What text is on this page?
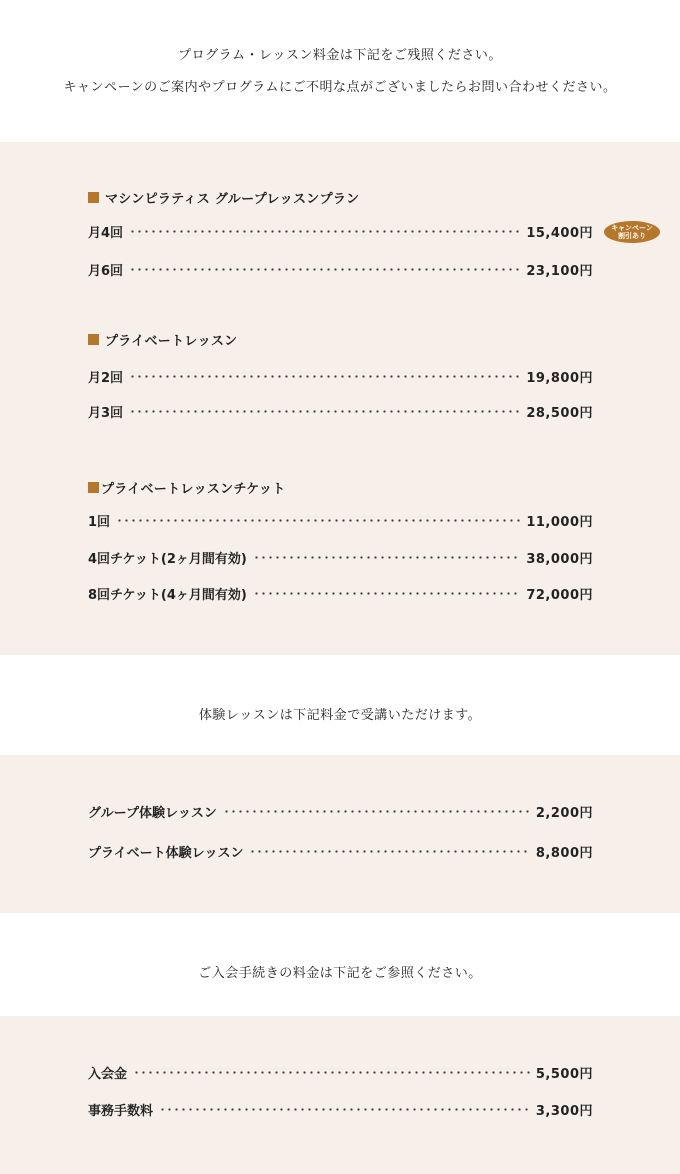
プログラム・レッスン料金は下記をご残照ください。

キャンペーンのご案内やプログラムにご不明な点がございましたらお問い合わせください。

マシンピラティス グループレッスンプラン
月4回	15,400円	キャンペーン
割引あり
月6回	23,100円
プライベートレッスン
月2回	19,800円
月3回	28,500円
プライベートレッスンチケット
1回	11,000円
4回チケット(2ヶ月間有効)	38,000円
8回チケット(4ヶ月間有効)	72,000円

体験レッスンは下記料金で受講いただけます。

グループ体験レッスン	2,200円
プライベート体験レッスン	8,800円

ご入会手続きの料金は下記をご参照ください。

入会金	5,500円
事務手数料	3,300円
